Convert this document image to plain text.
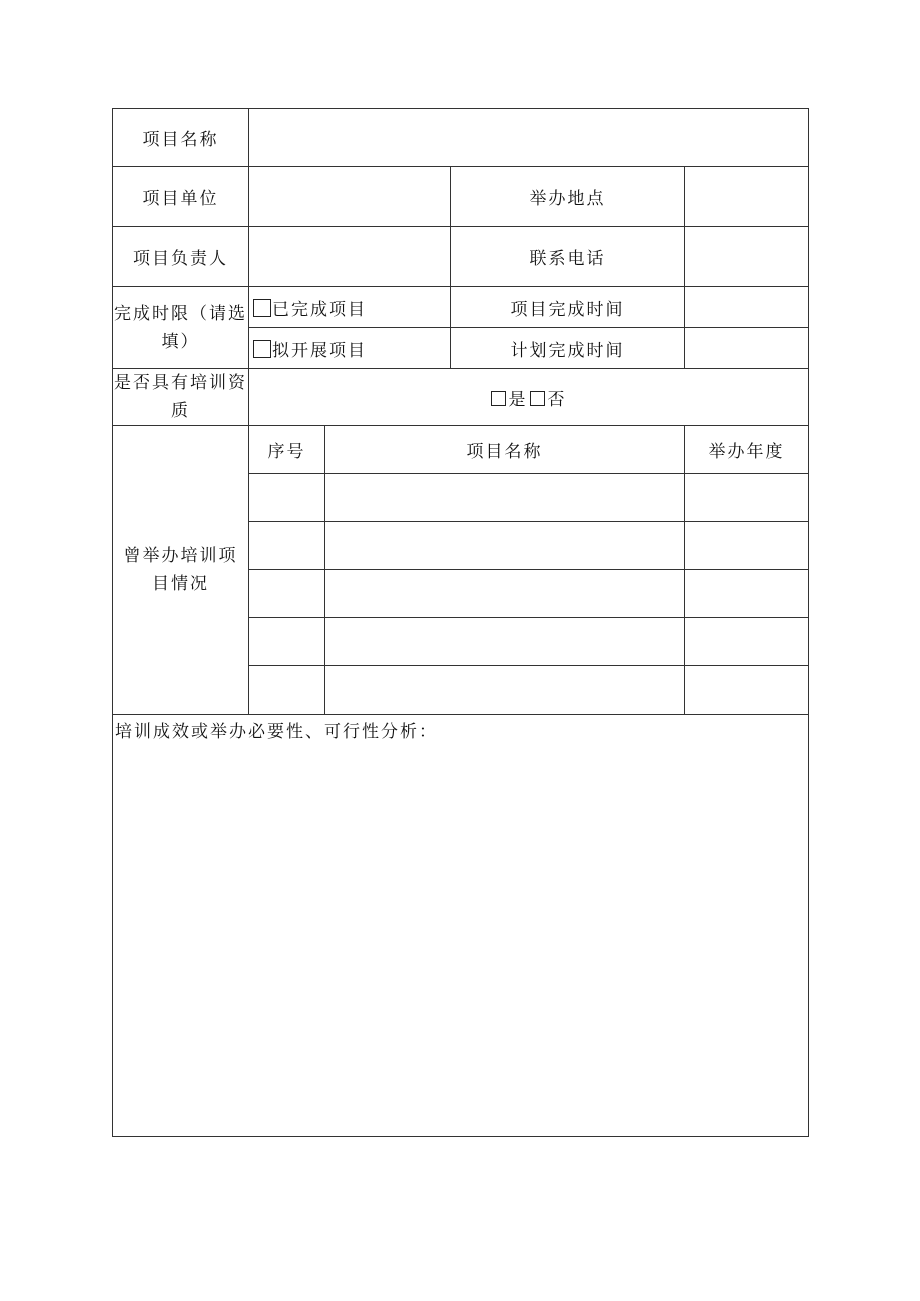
项目名称				
项目单位			举办地点	
项目负责人			联系电话	
完成时限（请选填）	已完成项目		项目完成时间	
	拟开展项目		计划完成时间	
是否具有培训资质	是 否			
曾举办培训项目情况	序号	项目名称		举办年度

培训成效或举办必要性、可行性分析：				
